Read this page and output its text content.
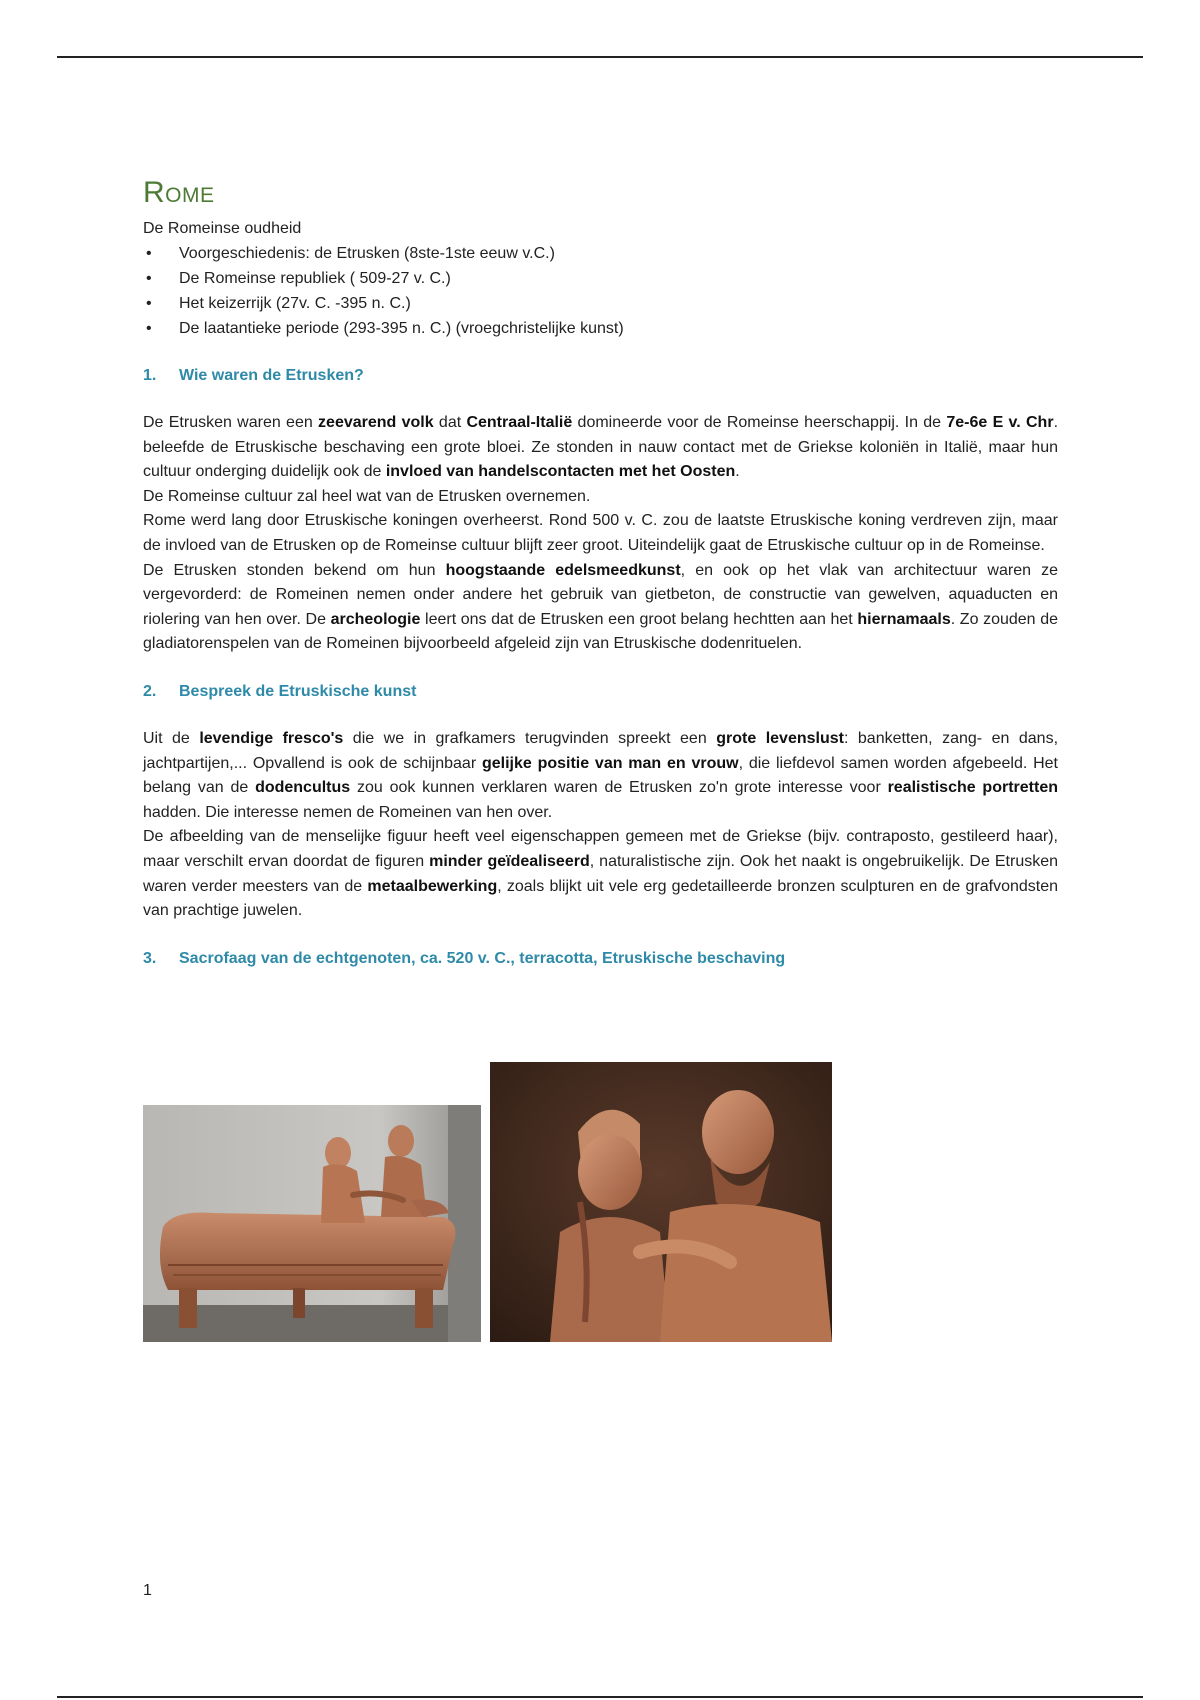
Rome

De Romeinse oudheid

• Voorgeschiedenis: de Etrusken (8ste-1ste eeuw v.C.)
• De Romeinse republiek ( 509-27 v. C.)
• Het keizerrijk (27v. C. -395 n. C.)
• De laatantieke periode (293-395 n. C.) (vroegchristelijke kunst)
1. Wie waren de Etrusken?

De Etrusken waren een zeevarend volk dat Centraal-Italië domineerde voor de Romeinse heerschappij. In de 7e-6e E v. Chr. beleefde de Etruskische beschaving een grote bloei. Ze stonden in nauw contact met de Griekse koloniën in Italië, maar hun cultuur onderging duidelijk ook de invloed van handelscontacten met het Oosten.

De Romeinse cultuur zal heel wat van de Etrusken overnemen.

Rome werd lang door Etruskische koningen overheerst. Rond 500 v. C. zou de laatste Etruskische koning verdreven zijn, maar de invloed van de Etrusken op de Romeinse cultuur blijft zeer groot. Uiteindelijk gaat de Etruskische cultuur op in de Romeinse.

De Etrusken stonden bekend om hun hoogstaande edelsmeedkunst, en ook op het vlak van architectuur waren ze vergevorderd: de Romeinen nemen onder andere het gebruik van gietbeton, de constructie van gewelven, aquaducten en riolering van hen over. De archeologie leert ons dat de Etrusken een groot belang hechtten aan het hiernamaals. Zo zouden de gladiatorenspelen van de Romeinen bijvoorbeeld afgeleid zijn van Etruskische dodenrituelen.

2. Bespreek de Etruskische kunst

Uit de levendige fresco's die we in grafkamers terugvinden spreekt een grote levenslust: banketten, zang- en dans, jachtpartijen,... Opvallend is ook de schijnbaar gelijke positie van man en vrouw, die liefdevol samen worden afgebeeld. Het belang van de dodencultus zou ook kunnen verklaren waren de Etrusken zo'n grote interesse voor realistische portretten hadden. Die interesse nemen de Romeinen van hen over.

De afbeelding van de menselijke figuur heeft veel eigenschappen gemeen met de Griekse (bijv. contraposto, gestileerd haar), maar verschilt ervan doordat de figuren minder geïdealiseerd, naturalistische zijn. Ook het naakt is ongebruikelijk. De Etrusken waren verder meesters van de metaalbewerking, zoals blijkt uit vele erg gedetailleerde bronzen sculpturen en de grafvondsten van prachtige juwelen.

3. Sacrofaag van de echtgenoten, ca. 520 v. C., terracotta, Etruskische beschaving
1
